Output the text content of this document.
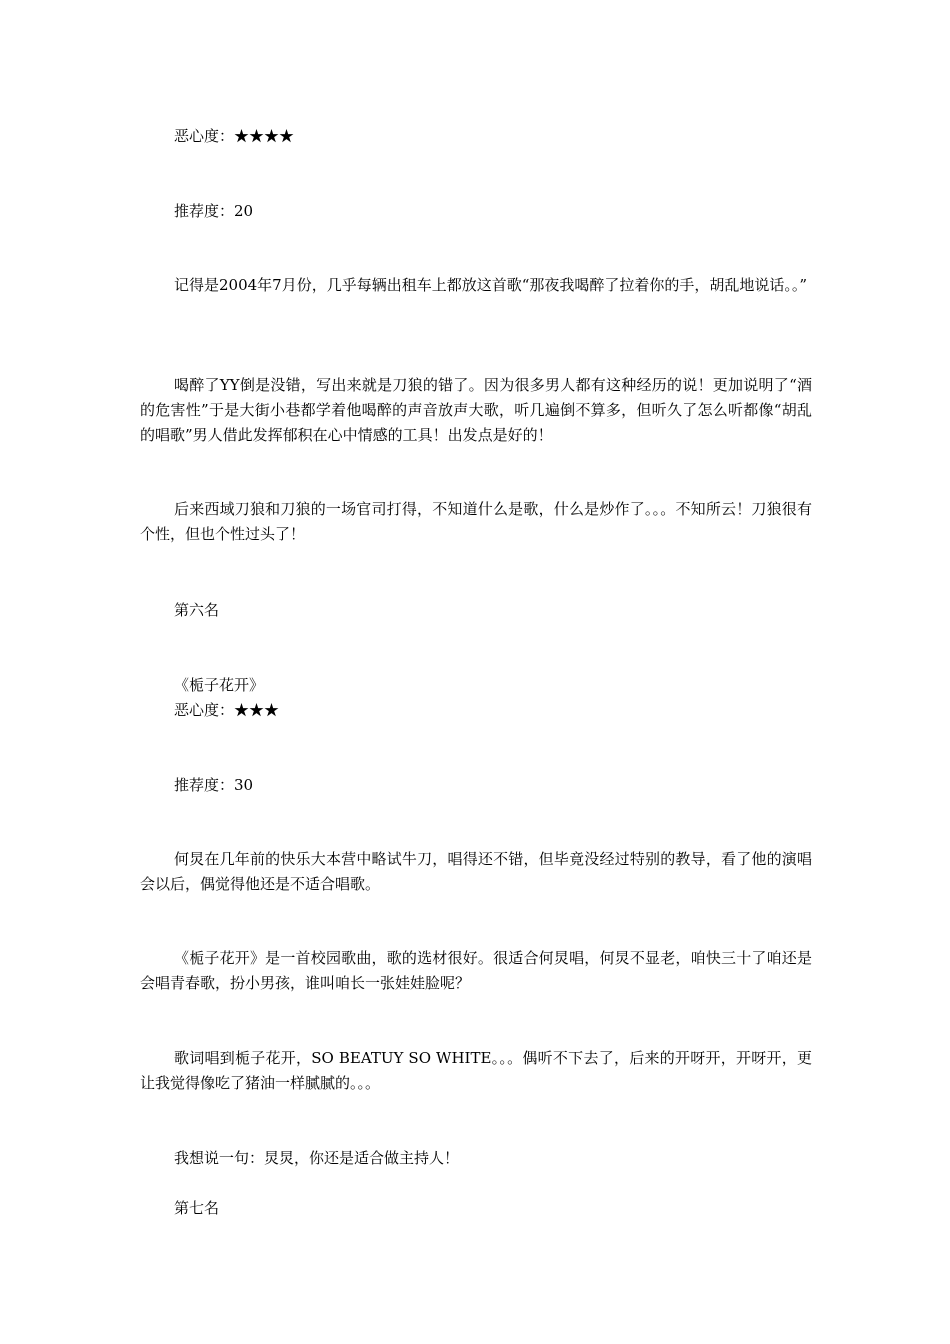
恶心度：★★★★

推荐度：20

记得是2004年7月份，几乎每辆出租车上都放这首歌“那夜我喝醉了拉着你的手，胡乱地说话。。”

喝醉了YY倒是没错，写出来就是刀狼的错了。因为很多男人都有这种经历的说！更加说明了“酒的危害性”于是大街小巷都学着他喝醉的声音放声大歌，听几遍倒不算多，但听久了怎么听都像“胡乱的唱歌”男人借此发挥郁积在心中情感的工具！出发点是好的！

后来西域刀狼和刀狼的一场官司打得，不知道什么是歌，什么是炒作了。。。不知所云！刀狼很有个性，但也个性过头了！

第六名

《栀子花开》

恶心度：★★★

推荐度：30

何炅在几年前的快乐大本营中略试牛刀，唱得还不错，但毕竟没经过特别的教导，看了他的演唱会以后，偶觉得他还是不适合唱歌。

《栀子花开》是一首校园歌曲，歌的选材很好。很适合何炅唱，何炅不显老，咱快三十了咱还是会唱青春歌，扮小男孩，谁叫咱长一张娃娃脸呢？

歌词唱到栀子花开，SO BEATUY SO WHITE。。。偶听不下去了，后来的开呀开，开呀开，更让我觉得像吃了猪油一样腻腻的。。。

我想说一句：炅炅，你还是适合做主持人！

第七名
